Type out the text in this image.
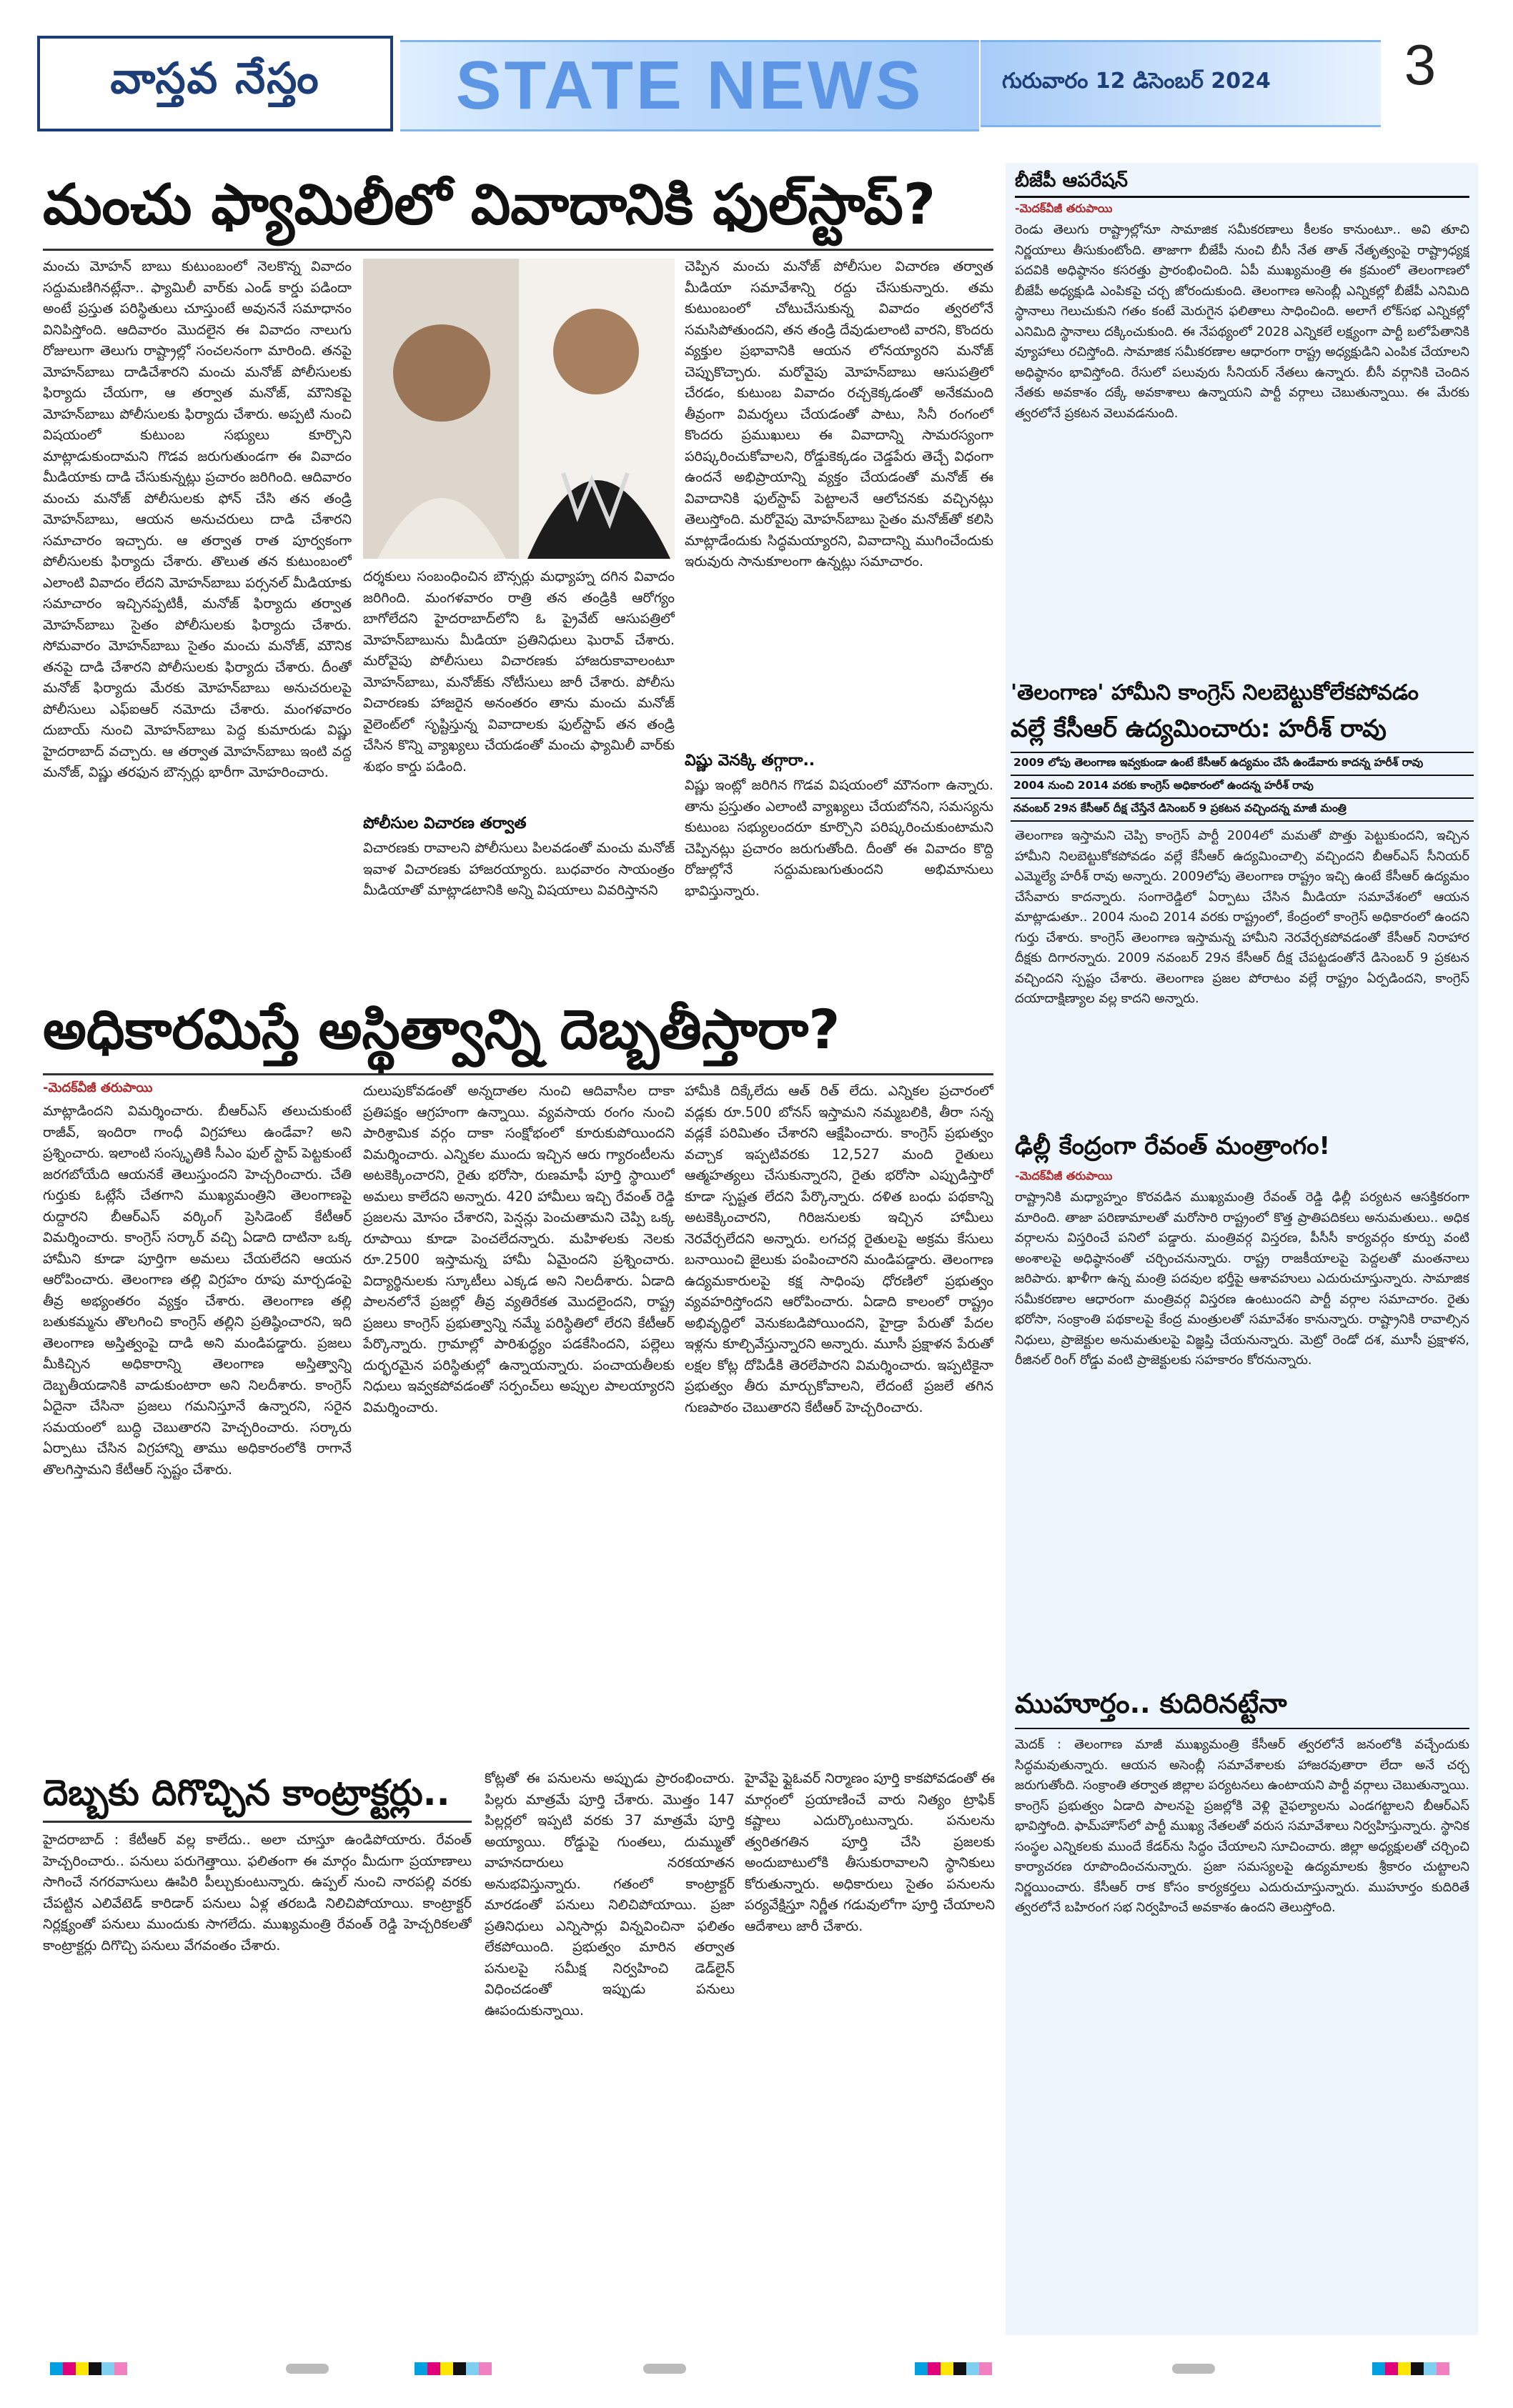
వాస్తవ నేస్తం STATE NEWS	గురువారం 12 డిసెంబర్ 2024 3
మంచు ఫ్యామిలీలో వివాదానికి ఫుల్‌స్టాప్?

మంచు మోహన్ బాబు కుటుంబంలో నెలకొన్న వివాదం సద్దుమణిగినట్లేనా.. ఫ్యామిలీ వార్‌కు ఎండ్ కార్డు పడిందా అంటే ప్రస్తుత పరిస్థితులు చూస్తుంటే అవుననే సమాధానం వినిపిస్తోంది. ఆదివారం మొదలైన ఈ వివాదం నాలుగు రోజులుగా తెలుగు రాష్ట్రాల్లో సంచలనంగా మారింది. తనపై మోహన్‌బాబు దాడిచేశారని మంచు మనోజ్ పోలీసులకు ఫిర్యాదు చేయగా, ఆ తర్వాత మనోజ్, మౌనికపై మోహన్‌బాబు పోలీసులకు ఫిర్యాదు చేశారు. అప్పటి నుంచి విషయంలో కుటుంబ సభ్యులు కూర్చొని మాట్లాడుకుందామని గొడవ జరుగుతుండగా ఈ వివాదం మీడియాకు దాడి చేసుకున్నట్లు ప్రచారం జరిగింది. ఆదివారం మంచు మనోజ్ పోలీసులకు ఫోన్ చేసి తన తండ్రి మోహన్‌బాబు, ఆయన అనుచరులు దాడి చేశారని సమాచారం ఇచ్చారు. ఆ తర్వాత రాత పూర్వకంగా పోలీసులకు ఫిర్యాదు చేశారు. తొలుత తన కుటుంబంలో ఎలాంటి వివాదం లేదని మోహన్‌బాబు పర్సనల్ మీడియాకు సమాచారం ఇచ్చినప్పటికీ, మనోజ్ ఫిర్యాదు తర్వాత మోహన్‌బాబు సైతం పోలీసులకు ఫిర్యాదు చేశారు. సోమవారం మోహన్‌బాబు సైతం మంచు మనోజ్, మౌనిక తనపై దాడి చేశారని పోలీసులకు ఫిర్యాదు చేశారు. దీంతో మనోజ్ ఫిర్యాదు మేరకు మోహన్‌బాబు అనుచరులపై పోలీసులు ఎఫ్‌ఐఆర్ నమోదు చేశారు. మంగళవారం దుబాయ్ నుంచి మోహన్‌బాబు పెద్ద కుమారుడు విష్ణు హైదరాబాద్ వచ్చారు. ఆ తర్వాత మోహన్‌బాబు ఇంటి వద్ద మనోజ్, విష్ణు తరఫున బౌన్సర్లు భారీగా మోహరించారు.

దర్శకులు సంబంధించిన బౌన్సర్లు మధ్యాహ్న దగిన వివాదం జరిగింది. మంగళవారం రాత్రి తన తండ్రికి ఆరోగ్యం బాగోలేదని హైదరాబాద్‌లోని ఓ ప్రైవేట్ ఆసుపత్రిలో మోహన్‌బాబును మీడియా ప్రతినిధులు ఘెరావ్ చేశారు. మరోవైపు పోలీసులు విచారణకు హాజరుకావాలంటూ మోహన్‌బాబు, మనోజ్‌కు నోటీసులు జారీ చేశారు. పోలీసు విచారణకు హాజరైన అనంతరం తాను మంచు మనోజ్ వైలెంట్‌లో సృష్టిస్తున్న వివాదాలకు ఫుల్‌స్టాప్ తన తండ్రి చేసిన కొన్ని వ్యాఖ్యలు చేయడంతో మంచు ఫ్యామిలీ వార్‌కు శుభం కార్డు పడింది.

పోలీసుల విచారణ తర్వాత

విచారణకు రావాలని పోలీసులు పిలవడంతో మంచు మనోజ్ ఇవాళ విచారణకు హాజరయ్యారు. బుధవారం సాయంత్రం మీడియాతో మాట్లాడటానికి అన్ని విషయాలు వివరిస్తానని

చెప్పిన మంచు మనోజ్ పోలీసుల విచారణ తర్వాత మీడియా సమావేశాన్ని రద్దు చేసుకున్నారు. తమ కుటుంబంలో చోటుచేసుకున్న వివాదం త్వరలోనే సమసిపోతుందని, తన తండ్రి దేవుడులాంటి వారని, కొందరు వ్యక్తుల ప్రభావానికి ఆయన లోనయ్యారని మనోజ్ చెప్పుకొచ్చారు. మరోవైపు మోహన్‌బాబు ఆసుపత్రిలో చేరడం, కుటుంబ వివాదం రచ్చకెక్కడంతో అనేకమంది తీవ్రంగా విమర్శలు చేయడంతో పాటు, సినీ రంగంలో కొందరు ప్రముఖులు ఈ వివాదాన్ని సామరస్యంగా పరిష్కరించుకోవాలని, రోడ్డుకెక్కడం చెడ్డపేరు తెచ్చే విధంగా ఉందనే అభిప్రాయాన్ని వ్యక్తం చేయడంతో మనోజ్ ఈ వివాదానికి ఫుల్‌స్టాప్ పెట్టాలనే ఆలోచనకు వచ్చినట్లు తెలుస్తోంది. మరోవైపు మోహన్‌బాబు సైతం మనోజ్‌తో కలిసి మాట్లాడేందుకు సిద్ధమయ్యారని, వివాదాన్ని ముగించేందుకు ఇరువురు సానుకూలంగా ఉన్నట్లు సమాచారం.

విష్ణు వెనక్కి తగ్గారా..

విష్ణు ఇంట్లో జరిగిన గొడవ విషయంలో మౌనంగా ఉన్నారు. తాను ప్రస్తుతం ఎలాంటి వ్యాఖ్యలు చేయబోనని, సమస్యను కుటుంబ సభ్యులందరూ కూర్చొని పరిష్కరించుకుంటామని చెప్పినట్లు ప్రచారం జరుగుతోంది. దీంతో ఈ వివాదం కొద్ది రోజుల్లోనే సద్దుమణుగుతుందని అభిమానులు భావిస్తున్నారు.

అధికారమిస్తే అస్థిత్వాన్ని దెబ్బతీస్తారా?
-మెదక్‌వీజీ తరుపాయి

మాట్లాడిందని విమర్శించారు. బీఆర్ఎస్ తలుచుకుంటే రాజీవ్, ఇందిరా గాంధీ విగ్రహాలు ఉండేవా? అని ప్రశ్నించారు. ఇలాంటి సంస్కృతికి సీఎం ఫుల్ స్టాప్ పెట్టకుంటే జరగబోయేది ఆయనకే తెలుస్తుందని హెచ్చరించారు. చేతి గుర్తుకు ఓట్లేసే చేతగాని ముఖ్యమంత్రిని తెలంగాణపై రుద్దారని బీఆర్ఎస్ వర్కింగ్ ప్రెసిడెంట్ కేటీఆర్ విమర్శించారు. కాంగ్రెస్ సర్కార్ వచ్చి ఏడాది దాటినా ఒక్క హామీని కూడా పూర్తిగా అమలు చేయలేదని ఆయన ఆరోపించారు. తెలంగాణ తల్లి విగ్రహం రూపు మార్చడంపై తీవ్ర అభ్యంతరం వ్యక్తం చేశారు. తెలంగాణ తల్లి బతుకమ్మను తొలగించి కాంగ్రెస్ తల్లిని ప్రతిష్ఠించారని, ఇది తెలంగాణ అస్తిత్వంపై దాడి అని మండిపడ్డారు. ప్రజలు మీకిచ్చిన అధికారాన్ని తెలంగాణ అస్తిత్వాన్ని దెబ్బతీయడానికి వాడుకుంటారా అని నిలదీశారు. కాంగ్రెస్ ఏదైనా చేసినా ప్రజలు గమనిస్తూనే ఉన్నారని, సరైన సమయంలో బుద్ధి చెబుతారని హెచ్చరించారు. సర్కారు ఏర్పాటు చేసిన విగ్రహాన్ని తాము అధికారంలోకి రాగానే తొలగిస్తామని కేటీఆర్ స్పష్టం చేశారు.

దులుపుకోవడంతో అన్నదాతల నుంచి ఆదివాసీల దాకా ప్రతిపక్షం ఆగ్రహంగా ఉన్నాయి. వ్యవసాయ రంగం నుంచి పారిశ్రామిక వర్గం దాకా సంక్షోభంలో కూరుకుపోయిందని విమర్శించారు. ఎన్నికల ముందు ఇచ్చిన ఆరు గ్యారంటీలను అటకెక్కించారని, రైతు భరోసా, రుణమాఫీ పూర్తి స్థాయిలో అమలు కాలేదని అన్నారు. 420 హామీలు ఇచ్చి రేవంత్ రెడ్డి ప్రజలను మోసం చేశారని, పెన్షన్లు పెంచుతామని చెప్పి ఒక్క రూపాయి కూడా పెంచలేదన్నారు. మహిళలకు నెలకు రూ.2500 ఇస్తామన్న హామీ ఏమైందని ప్రశ్నించారు. విద్యార్థినులకు స్కూటీలు ఎక్కడ అని నిలదీశారు. ఏడాది పాలనలోనే ప్రజల్లో తీవ్ర వ్యతిరేకత మొదలైందని, రాష్ట్ర ప్రజలు కాంగ్రెస్ ప్రభుత్వాన్ని నమ్మే పరిస్థితిలో లేరని కేటీఆర్ పేర్కొన్నారు. గ్రామాల్లో పారిశుద్ధ్యం పడకేసిందని, పల్లెలు దుర్భరమైన పరిస్థితుల్లో ఉన్నాయన్నారు. పంచాయతీలకు నిధులు ఇవ్వకపోవడంతో సర్పంచ్‌లు అప్పుల పాలయ్యారని విమర్శించారు.

హామీకి దిక్కేలేదు ఆత్ రిత్ లేదు. ఎన్నికల ప్రచారంలో వడ్లకు రూ.500 బోనస్ ఇస్తామని నమ్మబలికి, తీరా సన్న వడ్లకే పరిమితం చేశారని ఆక్షేపించారు. కాంగ్రెస్ ప్రభుత్వం వచ్చాక ఇప్పటివరకు 12,527 మంది రైతులు ఆత్మహత్యలు చేసుకున్నారని, రైతు భరోసా ఎప్పుడిస్తారో కూడా స్పష్టత లేదని పేర్కొన్నారు. దళిత బంధు పథకాన్ని అటకెక్కించారని, గిరిజనులకు ఇచ్చిన హామీలు నెరవేర్చలేదని అన్నారు. లగచర్ల రైతులపై అక్రమ కేసులు బనాయించి జైలుకు పంపించారని మండిపడ్డారు. తెలంగాణ ఉద్యమకారులపై కక్ష సాధింపు ధోరణిలో ప్రభుత్వం వ్యవహరిస్తోందని ఆరోపించారు. ఏడాది కాలంలో రాష్ట్రం అభివృద్ధిలో వెనుకబడిపోయిందని, హైడ్రా పేరుతో పేదల ఇళ్లను కూల్చివేస్తున్నారని అన్నారు. మూసీ ప్రక్షాళన పేరుతో లక్షల కోట్ల దోపిడీకి తెరలేపారని విమర్శించారు. ఇప్పటికైనా ప్రభుత్వం తీరు మార్చుకోవాలని, లేదంటే ప్రజలే తగిన గుణపాఠం చెబుతారని కేటీఆర్ హెచ్చరించారు.

దెబ్బకు దిగొచ్చిన కాంట్రాక్టర్లు..

హైదరాబాద్ : కేటీఆర్ వల్ల కాలేదు.. అలా చూస్తూ ఉండిపోయారు. రేవంత్ హెచ్చరించారు.. పనులు పరుగెత్తాయి. ఫలితంగా ఈ మార్గం మీదుగా ప్రయాణాలు సాగించే నగరవాసులు ఊపిరి పీల్చుకుంటున్నారు. ఉప్పల్‌ నుంచి నారపల్లి వరకు చేపట్టిన ఎలివేటెడ్ కారిడార్ పనులు ఏళ్ల తరబడి నిలిచిపోయాయి. కాంట్రాక్టర్ నిర్లక్ష్యంతో పనులు ముందుకు సాగలేదు. ముఖ్యమంత్రి రేవంత్ రెడ్డి హెచ్చరికలతో కాంట్రాక్టర్లు దిగొచ్చి పనులు వేగవంతం చేశారు.

కోట్లతో ఈ పనులను అప్పుడు ప్రారంభించారు. పిల్లరు మాత్రమే పూర్తి చేశారు. మొత్తం 147 పిల్లర్లలో ఇప్పటి వరకు 37 మాత్రమే పూర్తి అయ్యాయి. రోడ్డుపై గుంతలు, దుమ్ముతో వాహనదారులు నరకయాతన అనుభవిస్తున్నారు. గతంలో కాంట్రాక్టర్ మారడంతో పనులు నిలిచిపోయాయి. ప్రజా ప్రతినిధులు ఎన్నిసార్లు విన్నవించినా ఫలితం లేకపోయింది. ప్రభుత్వం మారిన తర్వాత పనులపై సమీక్ష నిర్వహించి డెడ్‌లైన్ విధించడంతో ఇప్పుడు పనులు ఊపందుకున్నాయి.

హైవేపై ఫ్లైఓవర్ నిర్మాణం పూర్తి కాకపోవడంతో ఈ మార్గంలో ప్రయాణించే వారు నిత్యం ట్రాఫిక్ కష్టాలు ఎదుర్కొంటున్నారు. పనులను త్వరితగతిన పూర్తి చేసి ప్రజలకు అందుబాటులోకి తీసుకురావాలని స్థానికులు కోరుతున్నారు. అధికారులు సైతం పనులను పర్యవేక్షిస్తూ నిర్ణీత గడువులోగా పూర్తి చేయాలని ఆదేశాలు జారీ చేశారు.

బీజేపీ ఆపరేషన్
-మెదక్‌వీజీ తరుపాయి

రెండు తెలుగు రాష్ట్రాల్లోనూ సామాజిక సమీకరణాలు కీలకం కానుంటూ.. అవి తూచి నిర్ణయాలు తీసుకుంటోంది. తాజాగా బీజేపీ నుంచి బీసీ నేత తాత్ నేతృత్వంపై రాష్ట్రాధ్యక్ష పదవికి అధిష్ఠానం కసరత్తు ప్రారంభించింది. ఏపీ ముఖ్యమంత్రి ఈ క్రమంలో తెలంగాణలో బీజేపీ అధ్యక్షుడి ఎంపికపై చర్చ జోరందుకుంది. తెలంగాణ అసెంబ్లీ ఎన్నికల్లో బీజేపీ ఎనిమిది స్థానాలు గెలుచుకుని గతం కంటే మెరుగైన ఫలితాలు సాధించింది. అలాగే లోక్‌సభ ఎన్నికల్లో ఎనిమిది స్థానాలు దక్కించుకుంది. ఈ నేపథ్యంలో 2028 ఎన్నికలే లక్ష్యంగా పార్టీ బలోపేతానికి వ్యూహాలు రచిస్తోంది. సామాజిక సమీకరణాల ఆధారంగా రాష్ట్ర అధ్యక్షుడిని ఎంపిక చేయాలని అధిష్ఠానం భావిస్తోంది. రేసులో పలువురు సీనియర్ నేతలు ఉన్నారు. బీసీ వర్గానికి చెందిన నేతకు అవకాశం దక్కే అవకాశాలు ఉన్నాయని పార్టీ వర్గాలు చెబుతున్నాయి. ఈ మేరకు త్వరలోనే ప్రకటన వెలువడనుంది.

'తెలంగాణ' హామీని కాంగ్రెస్ నిలబెట్టుకోలేకపోవడం
వల్లే కేసీఆర్ ఉద్యమించారు: హరీశ్ రావు
2009 లోపు తెలంగాణ ఇవ్వకుండా ఉంటే కేసీఆర్ ఉద్యమం చేసే ఉండేవారు కాదన్న హరీశ్ రావు
2004 నుంచి 2014 వరకు కాంగ్రెస్ అధికారంలో ఉందన్న హరీశ్ రావు
నవంబర్ 29న కేసీఆర్ దీక్ష చేస్తేనే డిసెంబర్ 9 ప్రకటన వచ్చిందన్న మాజీ మంత్రి

తెలంగాణ ఇస్తామని చెప్పి కాంగ్రెస్ పార్టీ 2004లో మమతో పొత్తు పెట్టుకుందని, ఇచ్చిన హామీని నిలబెట్టుకోకపోవడం వల్లే కేసీఆర్ ఉద్యమించాల్సి వచ్చిందని బీఆర్ఎస్ సీనియర్ ఎమ్మెల్యే హరీశ్ రావు అన్నారు. 2009లోపు తెలంగాణ రాష్ట్రం ఇచ్చి ఉంటే కేసీఆర్ ఉద్యమం చేసేవారు కాదన్నారు. సంగారెడ్డిలో ఏర్పాటు చేసిన మీడియా సమావేశంలో ఆయన మాట్లాడుతూ.. 2004 నుంచి 2014 వరకు రాష్ట్రంలో, కేంద్రంలో కాంగ్రెస్ అధికారంలో ఉందని గుర్తు చేశారు. కాంగ్రెస్ తెలంగాణ ఇస్తామన్న హామీని నెరవేర్చకపోవడంతో కేసీఆర్ నిరాహార దీక్షకు దిగారన్నారు. 2009 నవంబర్ 29న కేసీఆర్ దీక్ష చేపట్టడంతోనే డిసెంబర్ 9 ప్రకటన వచ్చిందని స్పష్టం చేశారు. తెలంగాణ ప్రజల పోరాటం వల్లే రాష్ట్రం ఏర్పడిందని, కాంగ్రెస్ దయాదాక్షిణ్యాల వల్ల కాదని అన్నారు.

ఢిల్లీ కేంద్రంగా రేవంత్ మంత్రాంగం!
-మెదక్‌వీజీ తరుపాయి

రాష్ట్రానికి మధ్యాహ్నం కొరవడిన ముఖ్యమంత్రి రేవంత్ రెడ్డి ఢిల్లీ పర్యటన ఆసక్తికరంగా మారింది. తాజా పరిణామాలతో మరోసారి రాష్ట్రంలో కొత్త ప్రాతిపదికలు అనుమతులు.. అధిక వర్గాలను విస్తరించే పనిలో పడ్డారు. మంత్రివర్గ విస్తరణ, పీసీసీ కార్యవర్గం కూర్పు వంటి అంశాలపై అధిష్ఠానంతో చర్చించనున్నారు. రాష్ట్ర రాజకీయాలపై పెద్దలతో మంతనాలు జరిపారు. ఖాళీగా ఉన్న మంత్రి పదవుల భర్తీపై ఆశావహులు ఎదురుచూస్తున్నారు. సామాజిక సమీకరణాల ఆధారంగా మంత్రివర్గ విస్తరణ ఉంటుందని పార్టీ వర్గాల సమాచారం. రైతు భరోసా, సంక్రాంతి పథకాలపై కేంద్ర మంత్రులతో సమావేశం కానున్నారు. రాష్ట్రానికి రావాల్సిన నిధులు, ప్రాజెక్టుల అనుమతులపై విజ్ఞప్తి చేయనున్నారు. మెట్రో రెండో దశ, మూసీ ప్రక్షాళన, రీజినల్ రింగ్ రోడ్డు వంటి ప్రాజెక్టులకు సహకారం కోరనున్నారు.

ముహూర్తం.. కుదిరినట్టేనా

మెదక్ : తెలంగాణ మాజీ ముఖ్యమంత్రి కేసీఆర్ త్వరలోనే జనంలోకి వచ్చేందుకు సిద్ధమవుతున్నారు. ఆయన అసెంబ్లీ సమావేశాలకు హాజరవుతారా లేదా అనే చర్చ జరుగుతోంది. సంక్రాంతి తర్వాత జిల్లాల పర్యటనలు ఉంటాయని పార్టీ వర్గాలు చెబుతున్నాయి. కాంగ్రెస్ ప్రభుత్వం ఏడాది పాలనపై ప్రజల్లోకి వెళ్లి వైఫల్యాలను ఎండగట్టాలని బీఆర్ఎస్ భావిస్తోంది. ఫామ్‌హౌస్‌లో పార్టీ ముఖ్య నేతలతో వరుస సమావేశాలు నిర్వహిస్తున్నారు. స్థానిక సంస్థల ఎన్నికలకు ముందే కేడర్‌ను సిద్ధం చేయాలని సూచించారు. జిల్లా అధ్యక్షులతో చర్చించి కార్యాచరణ రూపొందించనున్నారు. ప్రజా సమస్యలపై ఉద్యమాలకు శ్రీకారం చుట్టాలని నిర్ణయించారు. కేసీఆర్ రాక కోసం కార్యకర్తలు ఎదురుచూస్తున్నారు. ముహూర్తం కుదిరితే త్వరలోనే బహిరంగ సభ నిర్వహించే అవకాశం ఉందని తెలుస్తోంది.
